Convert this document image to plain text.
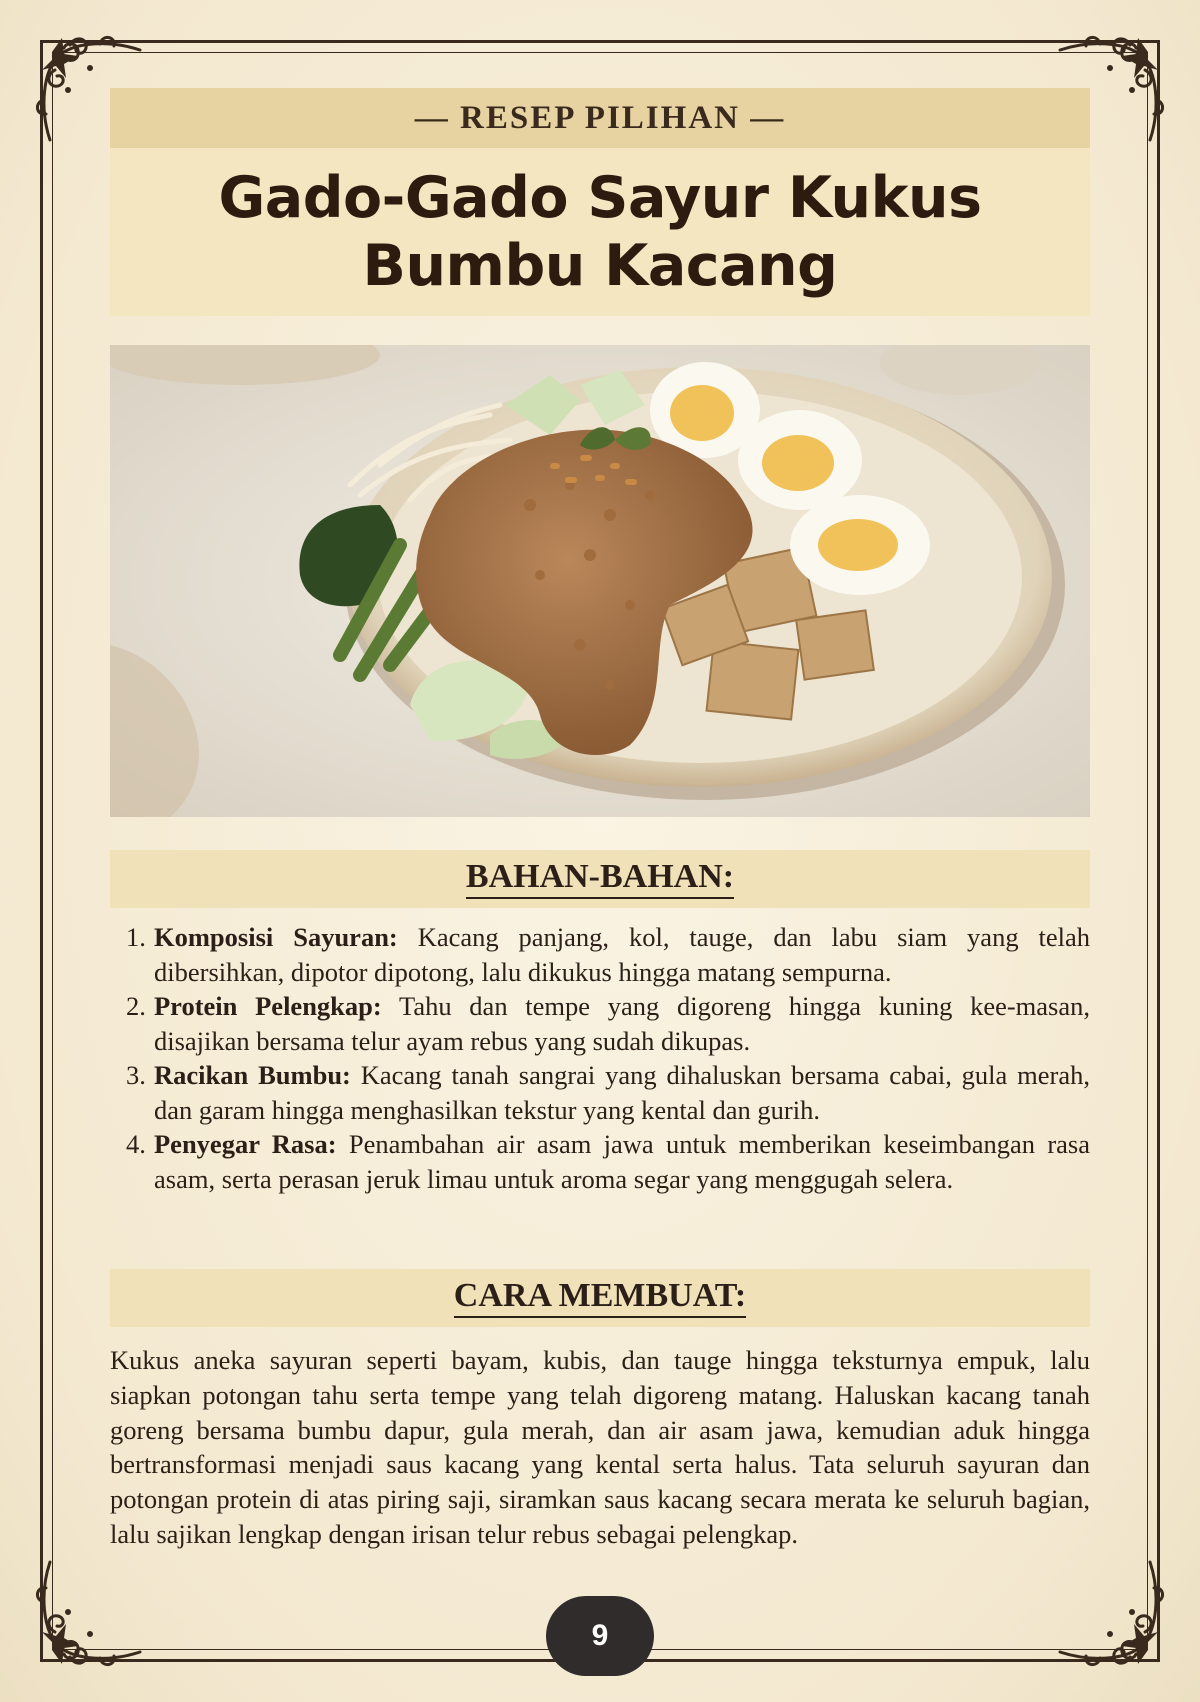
— RESEP PILIHAN —
Gado-Gado Sayur Kukus
Bumbu Kacang
BAHAN-BAHAN:
1. Komposisi Sayuran: Kacang panjang, kol, tauge, dan labu siam yang telah dibersihkan, dipotor dipotong, lalu dikukus hingga matang sempurna.
2. Protein Pelengkap: Tahu dan tempe yang digoreng hingga kuning kee-masan, disajikan bersama telur ayam rebus yang sudah dikupas.
3. Racikan Bumbu: Kacang tanah sangrai yang dihaluskan bersama cabai, gula merah, dan garam hingga menghasilkan tekstur yang kental dan gurih.
4. Penyegar Rasa: Penambahan air asam jawa untuk memberikan keseimbangan rasa asam, serta perasan jeruk limau untuk aroma segar yang menggugah selera.
CARA MEMBUAT:

Kukus aneka sayuran seperti bayam, kubis, dan tauge hingga teksturnya empuk, lalu siapkan potongan tahu serta tempe yang telah digoreng matang. Haluskan kacang tanah goreng bersama bumbu dapur, gula merah, dan air asam jawa, kemudian aduk hingga bertransformasi menjadi saus kacang yang kental serta halus. Tata seluruh sayuran dan potongan protein di atas piring saji, siramkan saus kacang secara merata ke seluruh bagian, lalu sajikan lengkap dengan irisan telur rebus sebagai pelengkap.

9
